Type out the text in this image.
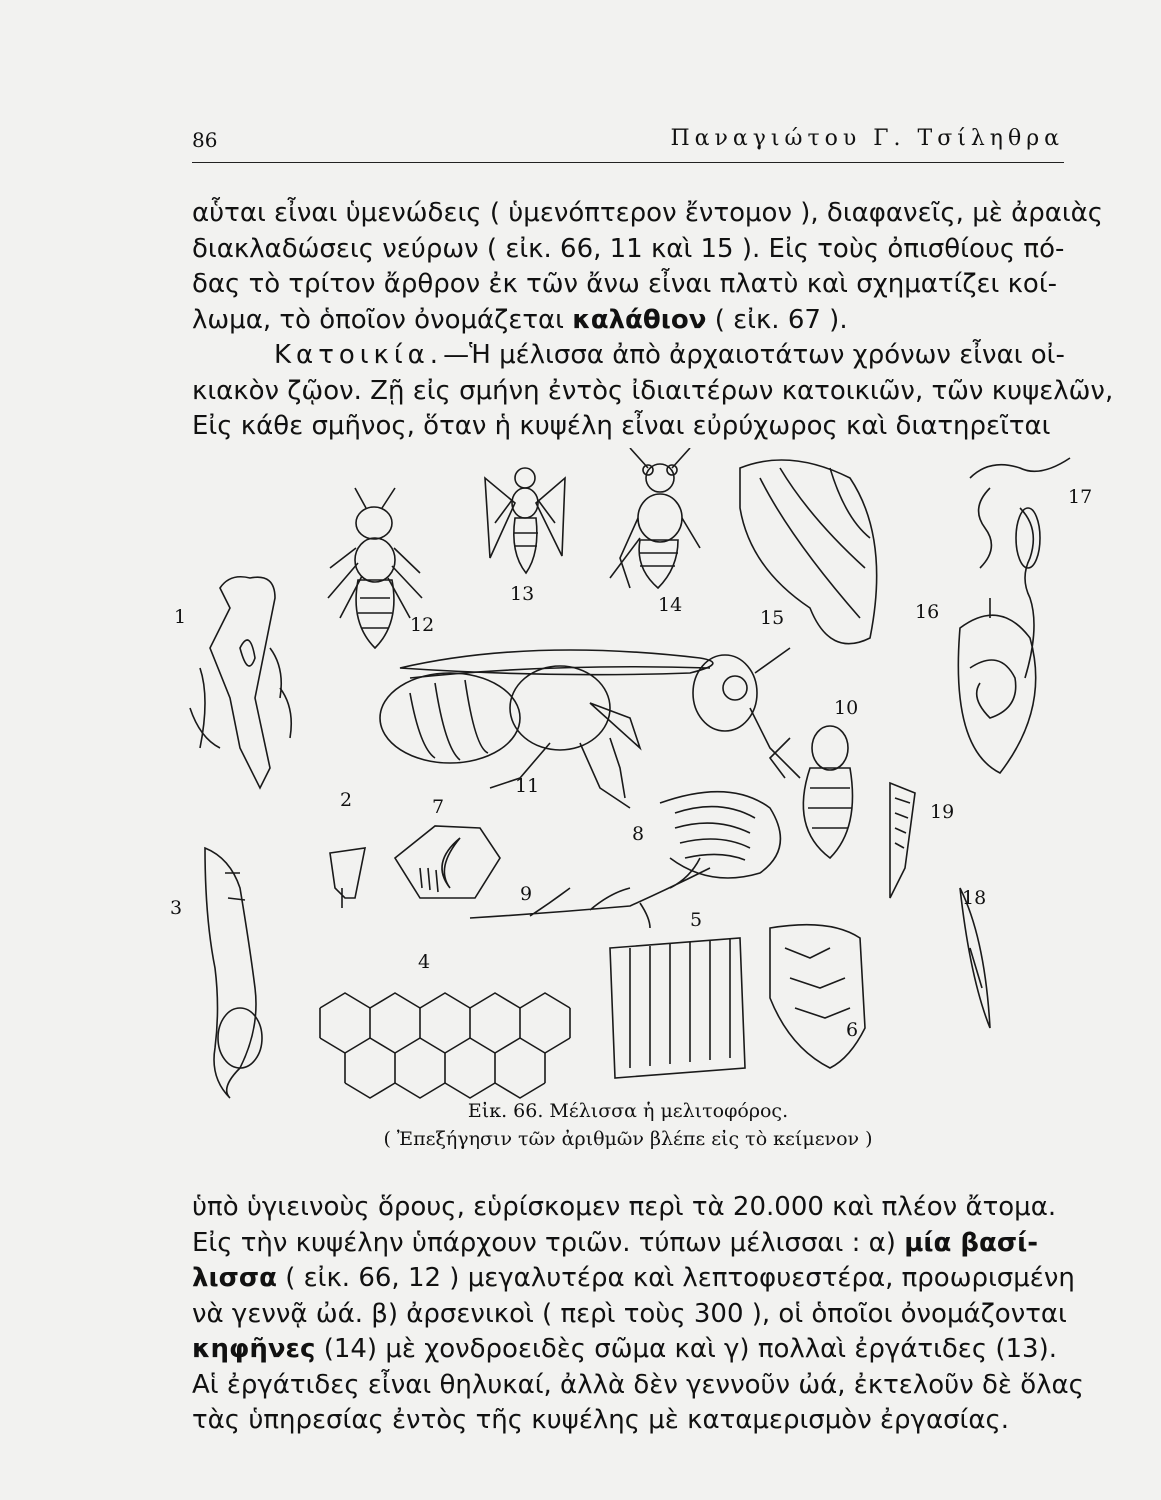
86	Παναγιώτου Γ. Τσίληθρα

αὗται εἶναι ὑμενώδεις ( ὑμενόπτερον ἔντομον ), διαφανεῖς, μὲ ἀραιὰς
διακλαδώσεις νεύρων ( εἰκ. 66, 11 καὶ 15 ). Εἰς τοὺς ὀπισθίους πό-
δας τὸ τρίτον ἄρθρον ἐκ τῶν ἄνω εἶναι πλατὺ καὶ σχηματίζει κοί-
λωμα, τὸ ὁποῖον ὀνομάζεται καλάθιον ( εἰκ. 67 ).

Κατοικία.—Ἡ μέλισσα ἀπὸ ἀρχαιοτάτων χρόνων εἶναι οἰ-
κιακὸν ζῷον. Ζῇ εἰς σμήνη ἐντὸς ἰδιαιτέρων κατοικιῶν, τῶν κυψελῶν,
Εἰς κάθε σμῆνος, ὅταν ἡ κυψέλη εἶναι εὐρύχωρος καὶ διατηρεῖται

1
2
3
4
5
6
7
8
9
10
11
12
13	14
15	16
17
18
19
Εἰκ. 66. Μέλισσα ἡ μελιτοφόρος.
( Ἐπεξήγησιν τῶν ἀριθμῶν βλέπε εἰς τὸ κείμενον )

ὑπὸ ὑγιεινοὺς ὅρους, εὑρίσκομεν περὶ τὰ 20.000 καὶ πλέον ἄτομα.
Εἰς τὴν κυψέλην ὑπάρχουν τριῶν. τύπων μέλισσαι : α) μία βασί-
λισσα ( εἰκ. 66, 12 ) μεγαλυτέρα καὶ λεπτοφυεστέρα, προωρισμένη
νὰ γεννᾷ ὠά. β) ἀρσενικοὶ ( περὶ τοὺς 300 ), οἱ ὁποῖοι ὀνομάζονται
κηφῆνες (14) μὲ χονδροειδὲς σῶμα καὶ γ) πολλαὶ ἐργάτιδες (13).
Αἱ ἐργάτιδες εἶναι θηλυκαί, ἀλλὰ δὲν γεννοῦν ὠά, ἐκτελοῦν δὲ ὅλας
τὰς ὑπηρεσίας ἐντὸς τῆς κυψέλης μὲ καταμερισμὸν ἐργασίας.
